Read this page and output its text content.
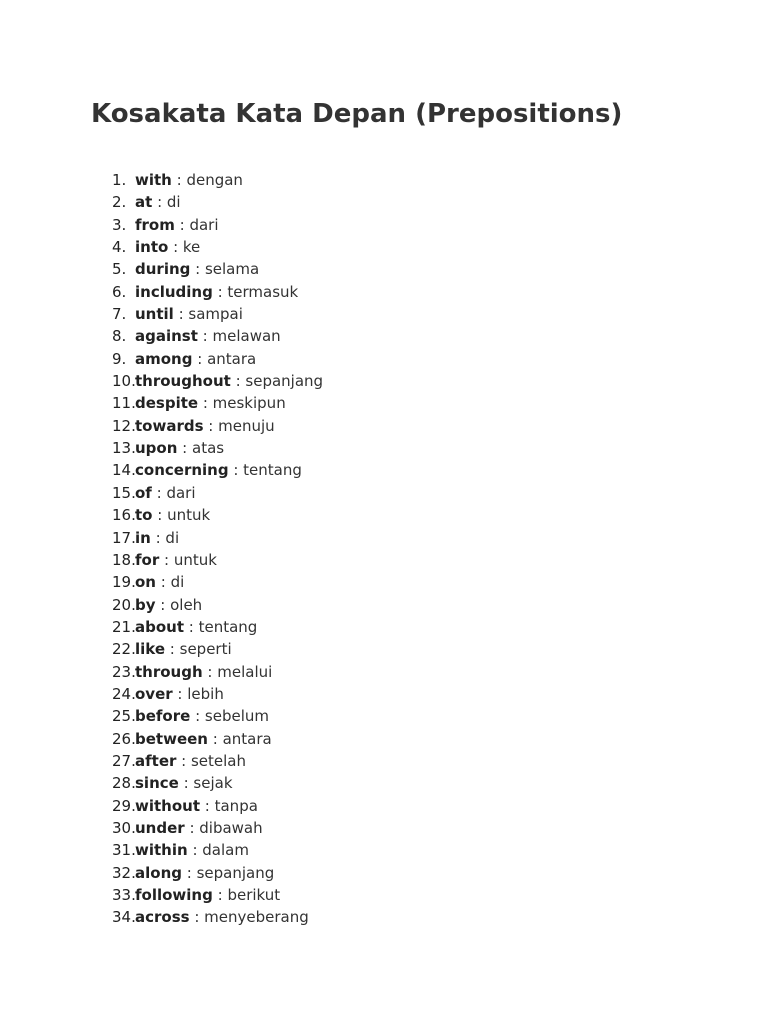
Kosakata Kata Depan (Prepositions)
1. with : dengan
2. at : di
3. from : dari
4. into : ke
5. during : selama
6. including : termasuk
7. until : sampai
8. against : melawan
9. among : antara
10. throughout : sepanjang
11. despite : meskipun
12. towards : menuju
13. upon : atas
14. concerning : tentang
15. of : dari
16. to : untuk
17. in : di
18. for : untuk
19. on : di
20. by : oleh
21. about : tentang
22. like : seperti
23. through : melalui
24. over : lebih
25. before : sebelum
26. between : antara
27. after : setelah
28. since : sejak
29. without : tanpa
30. under : dibawah
31. within : dalam
32. along : sepanjang
33. following : berikut
34. across : menyeberang
